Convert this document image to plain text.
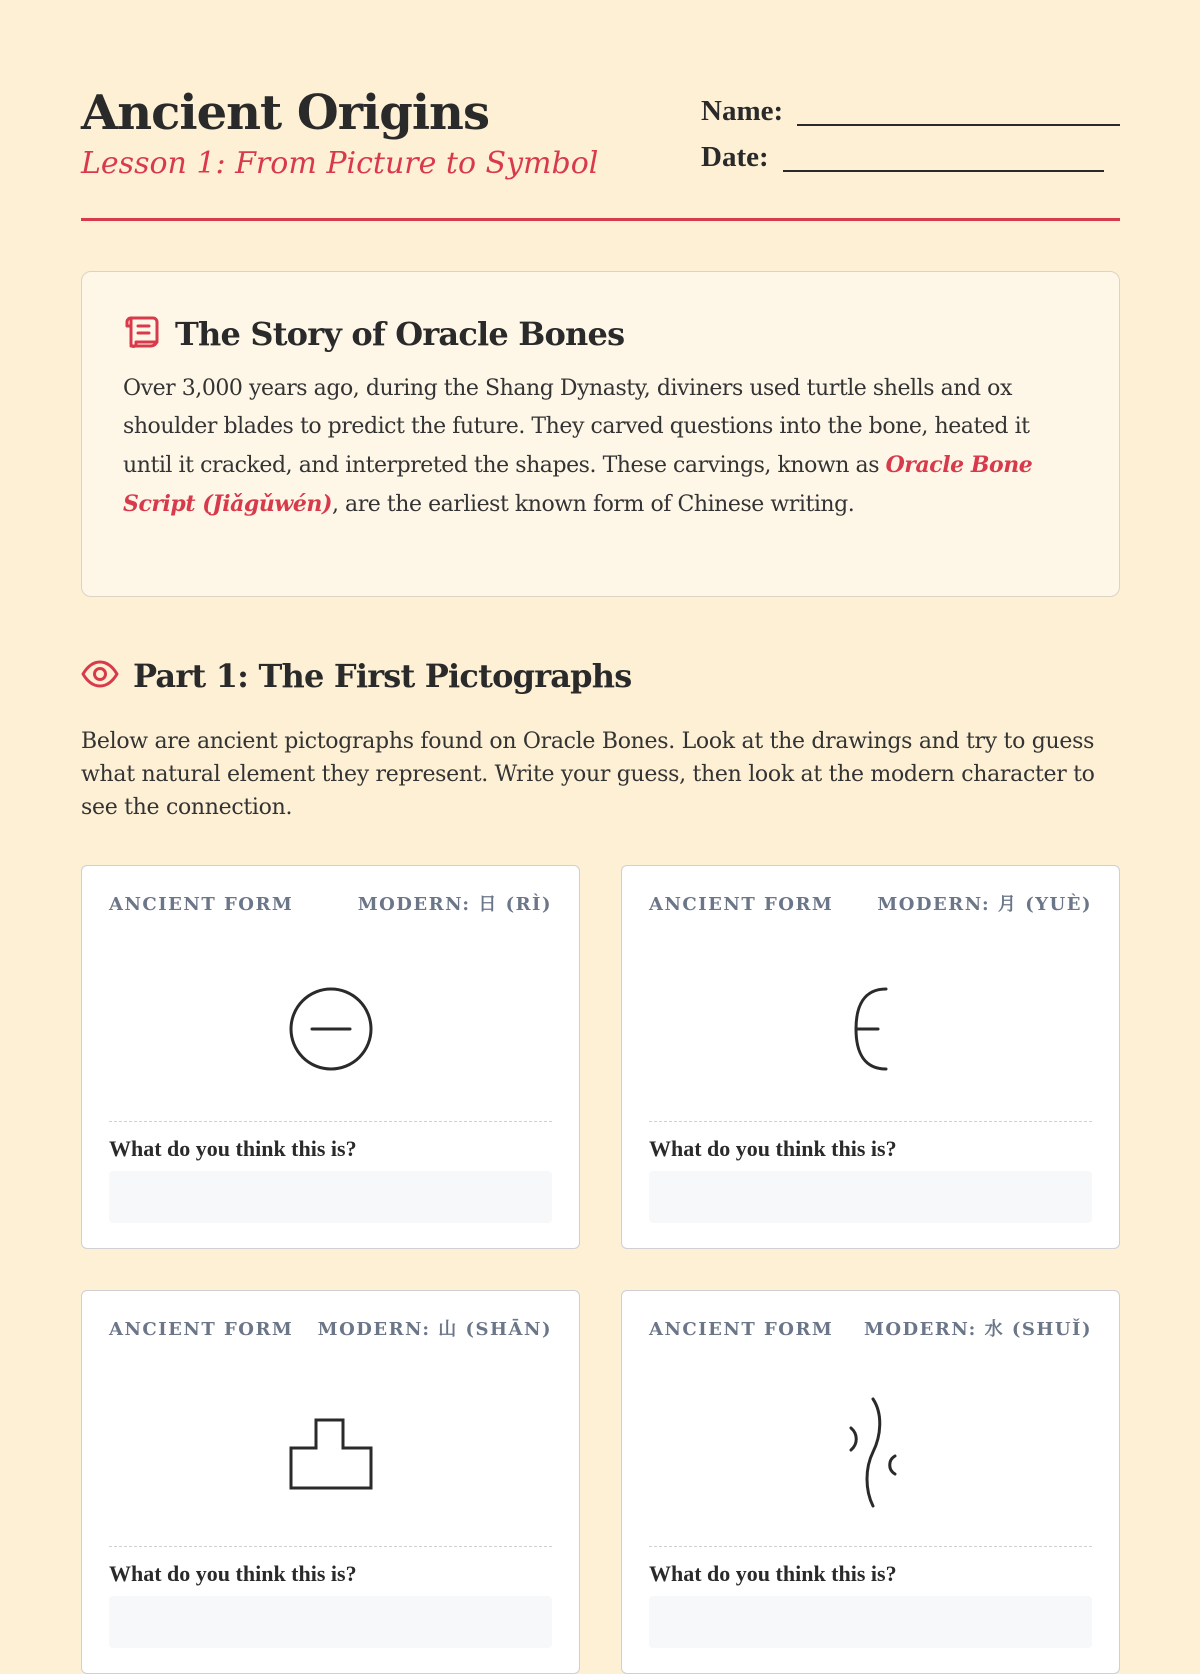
Ancient Origins
Lesson 1: From Picture to Symbol
Name:
Date:
The Story of Oracle Bones

Over 3,000 years ago, during the Shang Dynasty, diviners used turtle shells and ox shoulder blades to predict the future. They carved questions into the bone, heated it until it cracked, and interpreted the shapes. These carvings, known as Oracle Bone Script (Jiǎgǔwén), are the earliest known form of Chinese writing.

Part 1: The First Pictographs

Below are ancient pictographs found on Oracle Bones. Look at the drawings and try to guess what natural element they represent. Write your guess, then look at the modern character to see the connection.

ANCIENT FORM	MODERN: 日 (RÌ)
What do you think this is?
ANCIENT FORM MODERN: 月 (YUÈ)
What do you think this is?
ANCIENT FORM MODERN: 山 (SHĀN)
What do you think this is?
ANCIENT FORM MODERN: 水 (SHUǏ)
What do you think this is?
